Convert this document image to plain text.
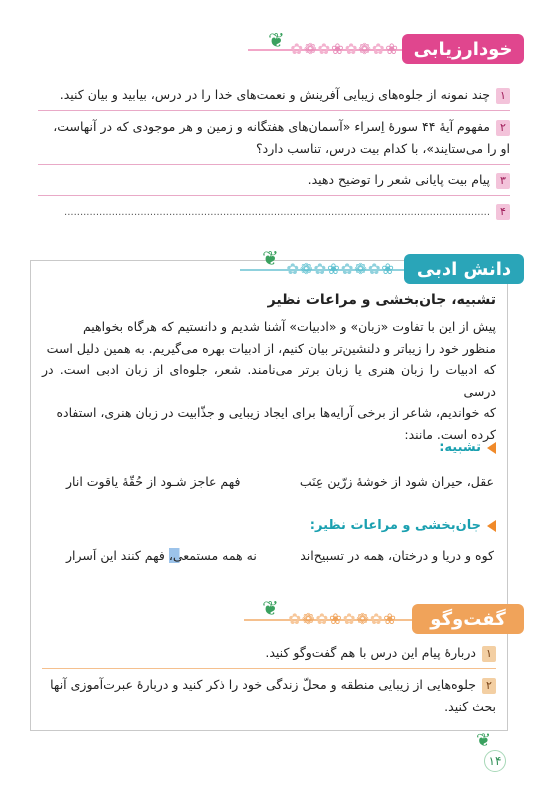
❀
✿
❁
✿
❀
✿
❁
✿	خودارزیابی
❦
۱چند نمونه از جلوه‌های زیبایی آفرینش و نعمت‌های خدا را در درس، بیابید و بیان کنید.
۲مفهوم آیهٔ ۴۴ سورهٔ اِسراء «آسمان‌های هفتگانه و زمین و هر موجودی که در آنهاست،
او را می‌ستایند»، با کدام بیت درس، تناسب دارد؟
۳پیام بیت پایانی شعر را توضیح دهید.
۴......................................................................................................................................
❀
✿
❁
✿
❀
✿
❁
✿	دانش ادبی
❦
تشبیه، جان‌بخشی و مراعات نظیر
پیش از این با تفاوت «زبان» و «ادبیات» آشنا شدیم و دانستیم که هرگاه بخواهیم
منظور خود را زیباتر و دلنشین‌تر بیان کنیم، از ادبیات بهره می‌گیریم. به همین دلیل است
که ادبیات را زبان هنری یا زبان برتر می‌نامند. شعر، جلوه‌ای از زبان ادبی است. در درسی
که خواندیم، شاعر از برخی آرایه‌ها برای ایجاد زیبایی و جذّابیت در زبان هنری، استفاده
کرده است. مانند:
تشبیه:
عقل، حیران شود از خوشهٔ زرّین عِنَب
فهم عاجز شـود از حُقّهٔ یاقوت انار
جان‌بخشی و مراعات نظیر:
کوه و دریا و درختان، همه در تسبیح‌اند
نه همه مستمعی، فهم کنند این اَسرار
❀
✿
❁
✿
❀
✿
❁
✿	گفت‌وگو
❦
۱دربارهٔ پیام این درس با هم گفت‌وگو کنید.
۲جلوه‌هایی از زیبایی منطقه و محلّ زندگی خود را ذکر کنید و دربارهٔ عبرت‌آموزی آنها
بحث کنید.
❦
۱۴
